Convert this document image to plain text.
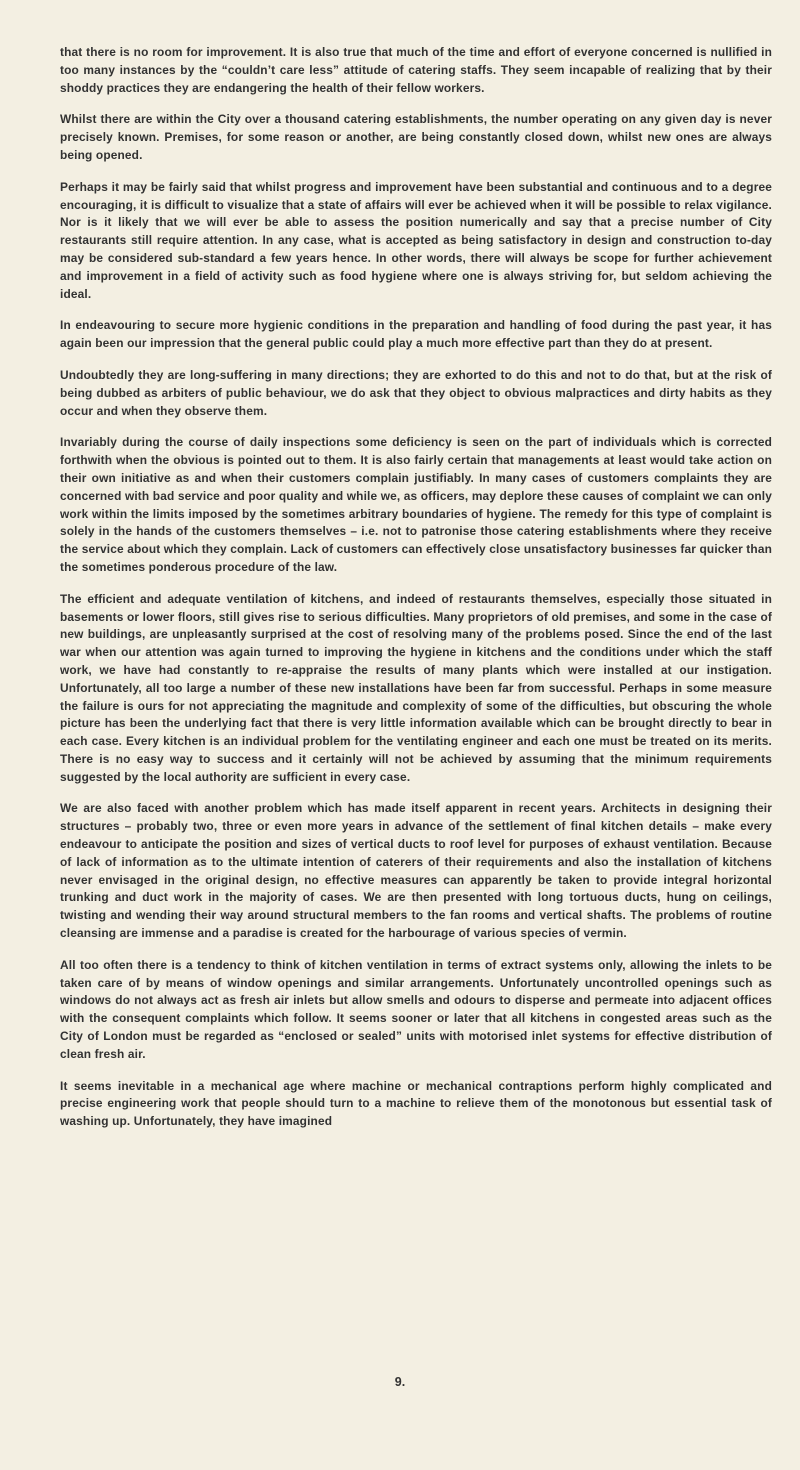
that there is no room for improvement. It is also true that much of the time and effort of everyone concerned is nullified in too many instances by the “couldn’t care less” attitude of catering staffs. They seem incapable of realizing that by their shoddy practices they are endangering the health of their fellow workers.

Whilst there are within the City over a thousand catering establishments, the number operating on any given day is never precisely known. Premises, for some reason or another, are being constantly closed down, whilst new ones are always being opened.

Perhaps it may be fairly said that whilst progress and improvement have been substantial and continuous and to a degree encouraging, it is difficult to visualize that a state of affairs will ever be achieved when it will be possible to relax vigilance. Nor is it likely that we will ever be able to assess the position numerically and say that a precise number of City restaurants still require attention. In any case, what is accepted as being satisfactory in design and construction to-day may be considered sub-standard a few years hence. In other words, there will always be scope for further achievement and improvement in a field of activity such as food hygiene where one is always striving for, but seldom achieving the ideal.

In endeavouring to secure more hygienic conditions in the preparation and handling of food during the past year, it has again been our impression that the general public could play a much more effective part than they do at present.

Undoubtedly they are long-suffering in many directions; they are exhorted to do this and not to do that, but at the risk of being dubbed as arbiters of public behaviour, we do ask that they object to obvious malpractices and dirty habits as they occur and when they observe them.

Invariably during the course of daily inspections some deficiency is seen on the part of individuals which is corrected forthwith when the obvious is pointed out to them. It is also fairly certain that managements at least would take action on their own initiative as and when their customers complain justifiably. In many cases of customers complaints they are concerned with bad service and poor quality and while we, as officers, may deplore these causes of complaint we can only work within the limits imposed by the sometimes arbitrary boundaries of hygiene. The remedy for this type of complaint is solely in the hands of the customers themselves – i.e. not to patronise those catering establishments where they receive the service about which they complain. Lack of customers can effectively close unsatisfactory businesses far quicker than the sometimes ponderous procedure of the law.

The efficient and adequate ventilation of kitchens, and indeed of restaurants themselves, especially those situated in basements or lower floors, still gives rise to serious difficulties. Many proprietors of old premises, and some in the case of new buildings, are unpleasantly surprised at the cost of resolving many of the problems posed. Since the end of the last war when our attention was again turned to improving the hygiene in kitchens and the conditions under which the staff work, we have had constantly to re-appraise the results of many plants which were installed at our instigation. Unfortunately, all too large a number of these new installations have been far from successful. Perhaps in some measure the failure is ours for not appreciating the magnitude and complexity of some of the difficulties, but obscuring the whole picture has been the underlying fact that there is very little information available which can be brought directly to bear in each case. Every kitchen is an individual problem for the ventilating engineer and each one must be treated on its merits. There is no easy way to success and it certainly will not be achieved by assuming that the minimum requirements suggested by the local authority are sufficient in every case.

We are also faced with another problem which has made itself apparent in recent years. Architects in designing their structures – probably two, three or even more years in advance of the settlement of final kitchen details – make every endeavour to anticipate the position and sizes of vertical ducts to roof level for purposes of exhaust ventilation. Because of lack of information as to the ultimate intention of caterers of their requirements and also the installation of kitchens never envisaged in the original design, no effective measures can apparently be taken to provide integral horizontal trunking and duct work in the majority of cases. We are then presented with long tortuous ducts, hung on ceilings, twisting and wending their way around structural members to the fan rooms and vertical shafts. The problems of routine cleansing are immense and a paradise is created for the harbourage of various species of vermin.

All too often there is a tendency to think of kitchen ventilation in terms of extract systems only, allowing the inlets to be taken care of by means of window openings and similar arrangements. Unfortunately uncontrolled openings such as windows do not always act as fresh air inlets but allow smells and odours to disperse and permeate into adjacent offices with the consequent complaints which follow. It seems sooner or later that all kitchens in congested areas such as the City of London must be regarded as “enclosed or sealed” units with motorised inlet systems for effective distribution of clean fresh air.

It seems inevitable in a mechanical age where machine or mechanical contraptions perform highly complicated and precise engineering work that people should turn to a machine to relieve them of the monotonous but essential task of washing up. Unfortunately, they have imagined

9.
